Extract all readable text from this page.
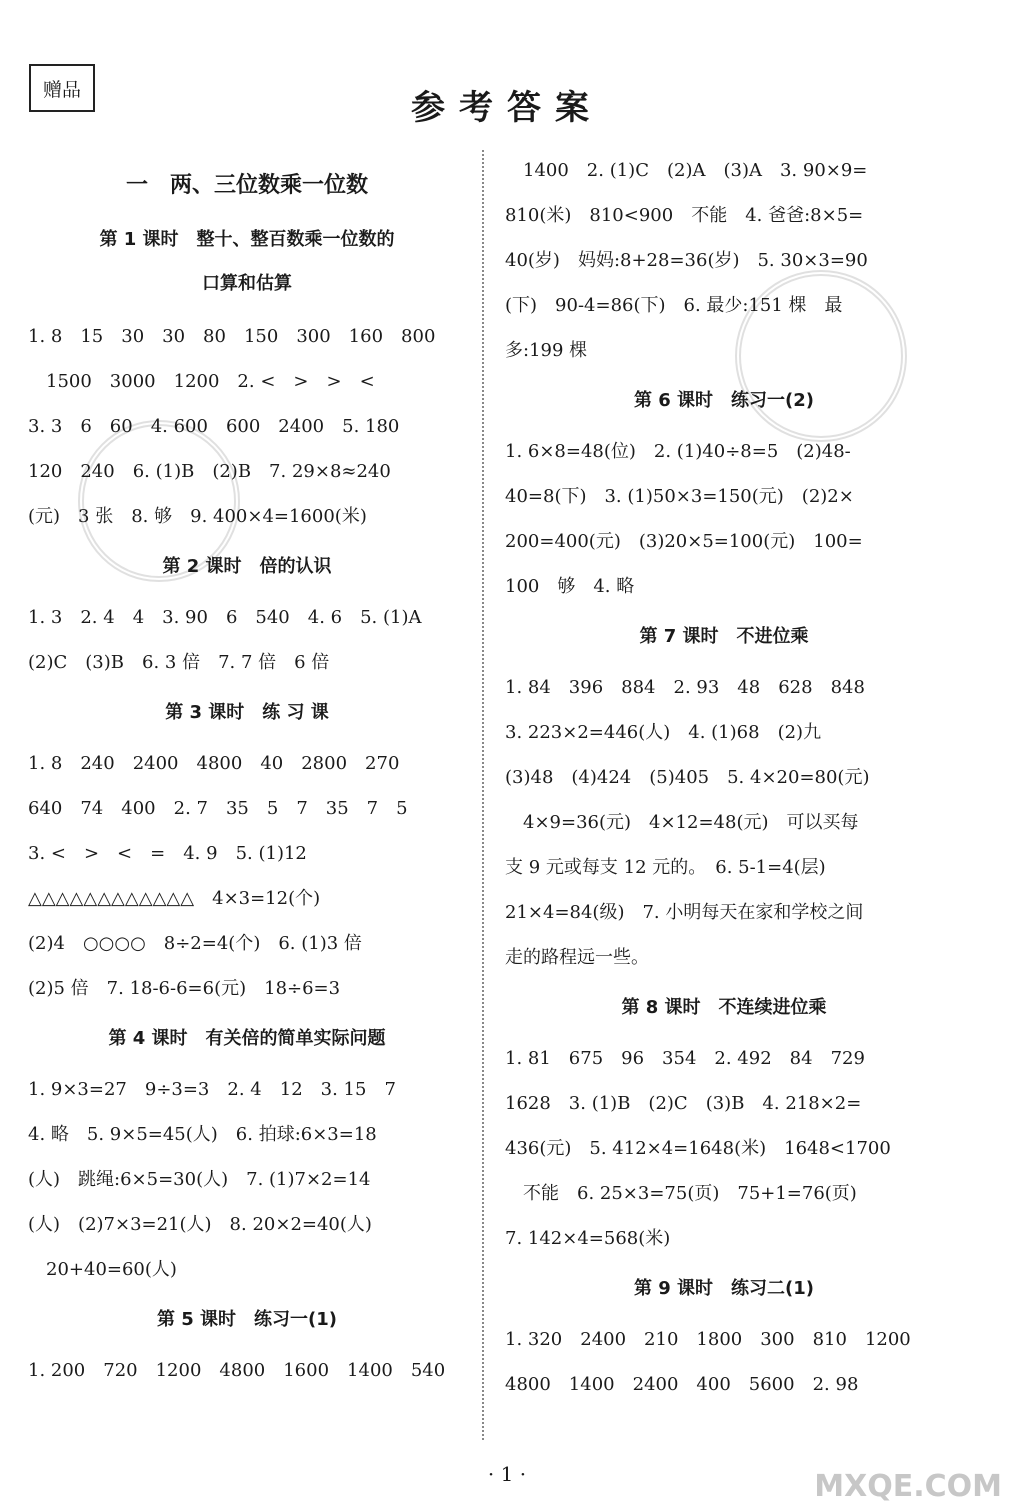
赠品	参考答案
一　两、三位数乘一位数
第 1 课时　整十、整百数乘一位数的
口算和估算
1. 8　15　30　30　80　150　300　160　800
　1500　3000　1200　2. <　>　>　<
3. 3　6　60　4. 600　600　2400　5. 180
120　240　6. (1)B　(2)B　7. 29×8≈240
(元)　3 张　8. 够　9. 400×4=1600(米)
第 2 课时　倍的认识
1. 3　2. 4　4　3. 90　6　540　4. 6　5. (1)A
(2)C　(3)B　6. 3 倍　7. 7 倍　6 倍
第 3 课时　练 习 课
1. 8　240　2400　4800　40　2800　270
640　74　400　2. 7　35　5　7　35　7　5
3. <　>　<　=　4. 9　5. (1)12
△△△△△△△△△△△△　4×3=12(个)
(2)4　○○○○　8÷2=4(个)　6. (1)3 倍
(2)5 倍　7. 18-6-6=6(元)　18÷6=3
第 4 课时　有关倍的简单实际问题
1. 9×3=27　9÷3=3　2. 4　12　3. 15　7
4. 略　5. 9×5=45(人)　6. 拍球:6×3=18
(人)　跳绳:6×5=30(人)　7. (1)7×2=14
(人)　(2)7×3=21(人)　8. 20×2=40(人)
　20+40=60(人)
第 5 课时　练习一(1)
1. 200　720　1200　4800　1600　1400　540
　1400　2. (1)C　(2)A　(3)A　3. 90×9=
810(米)　810<900　不能　4. 爸爸:8×5=
40(岁)　妈妈:8+28=36(岁)　5. 30×3=90
(下)　90-4=86(下)　6. 最少:151 棵　最
多:199 棵
第 6 课时　练习一(2)
1. 6×8=48(位)　2. (1)40÷8=5　(2)48-
40=8(下)　3. (1)50×3=150(元)　(2)2×
200=400(元)　(3)20×5=100(元)　100=
100　够　4. 略
第 7 课时　不进位乘
1. 84　396　884　2. 93　48　628　848
3. 223×2=446(人)　4. (1)68　(2)九
(3)48　(4)424　(5)405　5. 4×20=80(元)
　4×9=36(元)　4×12=48(元)　可以买每
支 9 元或每支 12 元的。　6. 5-1=4(层)
21×4=84(级)　7. 小明每天在家和学校之间
走的路程远一些。
第 8 课时　不连续进位乘
1. 81　675　96　354　2. 492　84　729
1628　3. (1)B　(2)C　(3)B　4. 218×2=
436(元)　5. 412×4=1648(米)　1648<1700
　不能　6. 25×3=75(页)　75+1=76(页)
7. 142×4=568(米)
第 9 课时　练习二(1)
1. 320　2400　210　1800　300　810　1200
4800　1400　2400　400　5600　2. 98
· 1 ·	MXQE.COM
